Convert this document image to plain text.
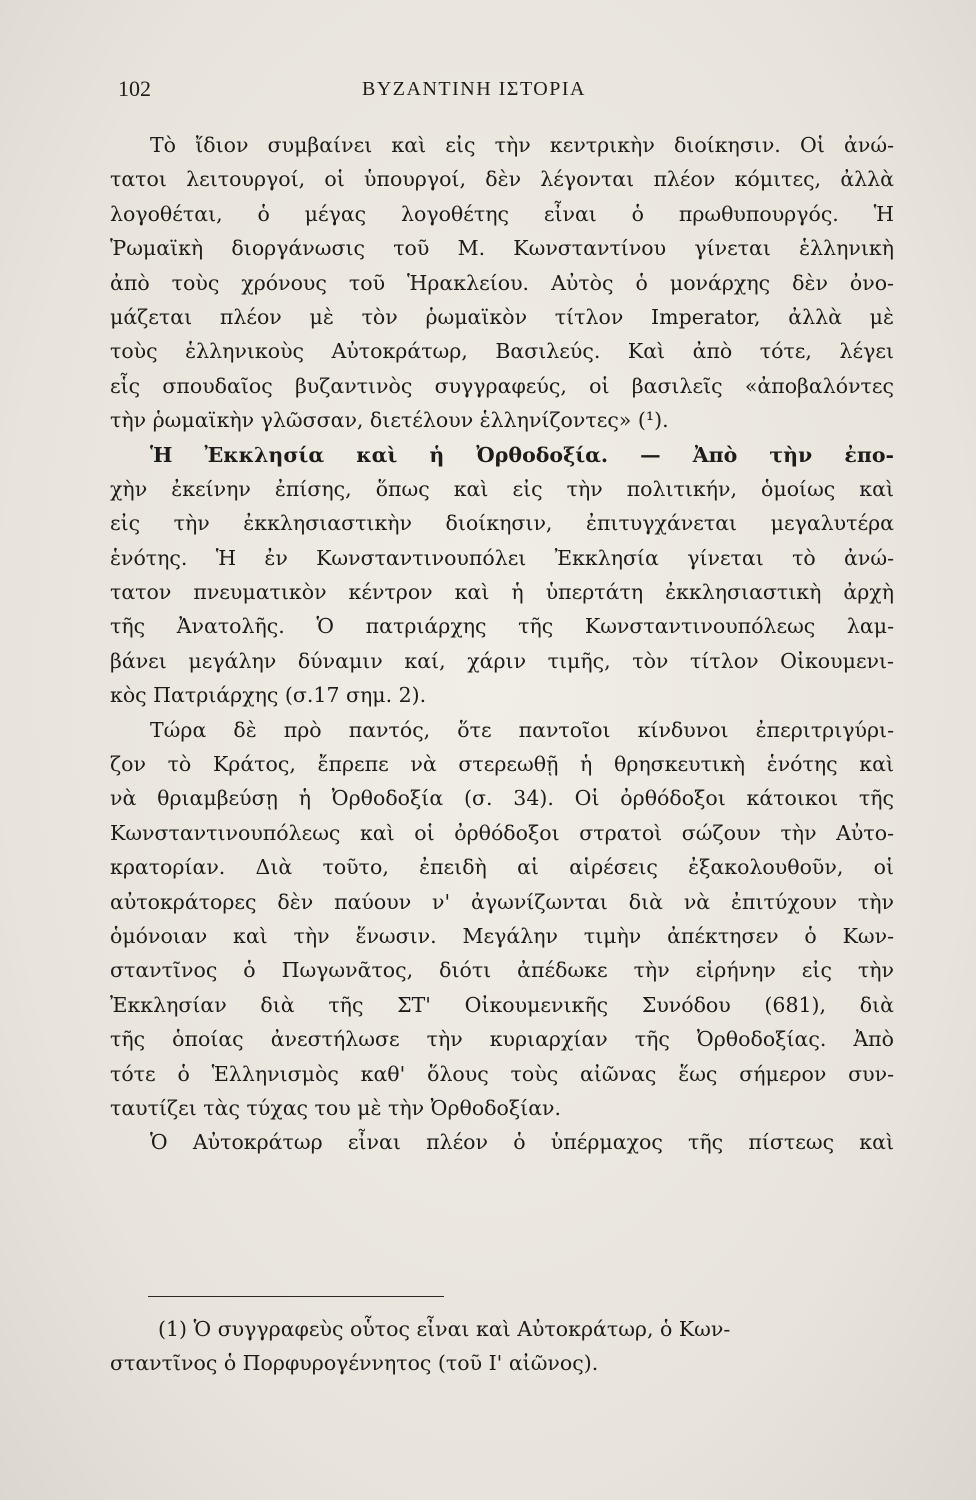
102	ΒΥΖΑΝΤΙΝΗ ΙΣΤΟΡΙΑ
Τὸ ἴδιον συμβαίνει καὶ εἰς τὴν κεντρικὴν διοίκησιν. Οἱ ἀνώ-
τατοι λειτουργοί, οἱ ὑπουργοί, δὲν λέγονται πλέον κόμιτες, ἀλλὰ
λογοθέται, ὁ μέγας λογοθέτης εἶναι ὁ πρωθυπουργός. Ἡ
Ῥωμαϊκὴ διοργάνωσις τοῦ Μ. Κωνσταντίνου γίνεται ἑλληνικὴ
ἀπὸ τοὺς χρόνους τοῦ Ἡρακλείου. Αὐτὸς ὁ μονάρχης δὲν ὀνο-
μάζεται πλέον μὲ τὸν ῥωμαϊκὸν τίτλον Imperator, ἀλλὰ μὲ
τοὺς ἑλληνικοὺς Αὐτοκράτωρ, Βασιλεύς. Καὶ ἀπὸ τότε, λέγει
εἷς σπουδαῖος βυζαντινὸς συγγραφεύς, οἱ βασιλεῖς «ἀποβαλόντες
τὴν ῥωμαϊκὴν γλῶσσαν, διετέλουν ἑλληνίζοντες» (¹).
Ἡ Ἐκκλησία καὶ ἡ Ὀρθοδοξία. — Ἀπὸ τὴν ἐπο-
χὴν ἐκείνην ἐπίσης, ὅπως καὶ εἰς τὴν πολιτικήν, ὁμοίως καὶ
εἰς τὴν ἐκκλησιαστικὴν διοίκησιν, ἐπιτυγχάνεται μεγαλυτέρα
ἑνότης. Ἡ ἐν Κωνσταντινουπόλει Ἐκκλησία γίνεται τὸ ἀνώ-
τατον πνευματικὸν κέντρον καὶ ἡ ὑπερτάτη ἐκκλησιαστικὴ ἀρχὴ
τῆς Ἀνατολῆς. Ὁ πατριάρχης τῆς Κωνσταντινουπόλεως λαμ-
βάνει μεγάλην δύναμιν καί, χάριν τιμῆς, τὸν τίτλον Οἰκουμενι-
κὸς Πατριάρχης (σ.17 σημ. 2).
Τώρα δὲ πρὸ παντός, ὅτε παντοῖοι κίνδυνοι ἐπεριτριγύρι-
ζον τὸ Κράτος, ἔπρεπε νὰ στερεωθῇ ἡ θρησκευτικὴ ἑνότης καὶ
νὰ θριαμβεύσῃ ἡ Ὀρθοδοξία (σ. 34). Οἱ ὀρθόδοξοι κάτοικοι τῆς
Κωνσταντινουπόλεως καὶ οἱ ὀρθόδοξοι στρατοὶ σώζουν τὴν Αὐτο-
κρατορίαν. Διὰ τοῦτο, ἐπειδὴ αἱ αἱρέσεις ἐξακολουθοῦν, οἱ
αὐτοκράτορες δὲν παύουν ν' ἀγωνίζωνται διὰ νὰ ἐπιτύχουν τὴν
ὁμόνοιαν καὶ τὴν ἕνωσιν. Μεγάλην τιμὴν ἀπέκτησεν ὁ Κων-
σταντῖνος ὁ Πωγωνᾶτος, διότι ἀπέδωκε τὴν εἰρήνην εἰς τὴν
Ἐκκλησίαν διὰ τῆς ΣΤ' Οἰκουμενικῆς Συνόδου (681), διὰ
τῆς ὁποίας ἀνεστήλωσε τὴν κυριαρχίαν τῆς Ὀρθοδοξίας. Ἀπὸ
τότε ὁ Ἑλληνισμὸς καθ' ὅλους τοὺς αἰῶνας ἕως σήμερον συν-
ταυτίζει τὰς τύχας του μὲ τὴν Ὀρθοδοξίαν.
Ὁ Αὐτοκράτωρ εἶναι πλέον ὁ ὑπέρμαχος τῆς πίστεως καὶ
(1) Ὁ συγγραφεὺς οὗτος εἶναι καὶ Αὐτοκράτωρ, ὁ Κων-
σταντῖνος ὁ Πορφυρογέννητος (τοῦ Ι' αἰῶνος).
